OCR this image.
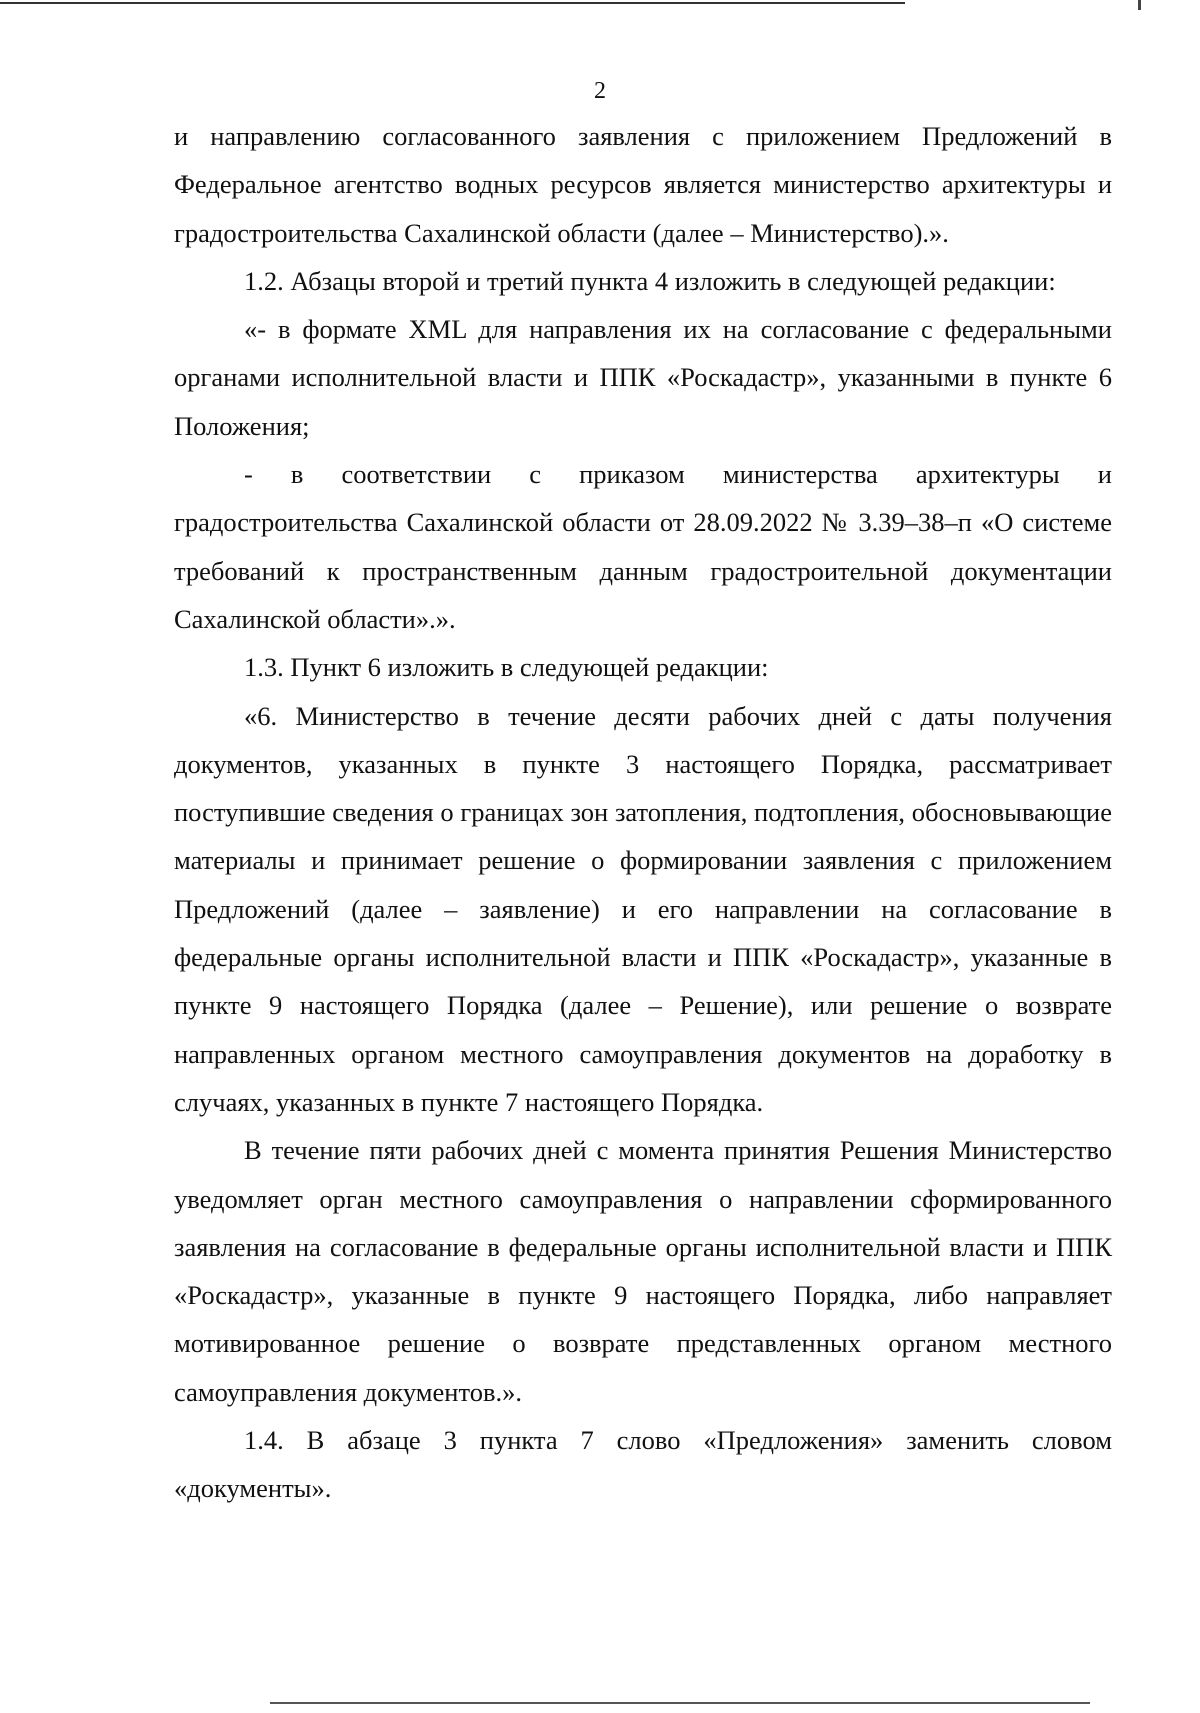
2

и направлению согласованного заявления с приложением Предложений в Федеральное агентство водных ресурсов является министерство архитектуры и градостроительства Сахалинской области (далее – Министерство).».

1.2. Абзацы второй и третий пункта 4 изложить в следующей редакции:

«- в формате XML для направления их на согласование с федеральными органами исполнительной власти и ППК «Роскадастр», указанными в пункте 6 Положения;

- в соответствии с приказом министерства архитектуры и градостроительства Сахалинской области от 28.09.2022 № 3.39–38–п «О системе требований к пространственным данным градостроительной документации Сахалинской области».».

1.3. Пункт 6 изложить в следующей редакции:

«6. Министерство в течение десяти рабочих дней с даты получения документов, указанных в пункте 3 настоящего Порядка, рассматривает поступившие сведения о границах зон затопления, подтопления, обосновывающие материалы и принимает решение о формировании заявления с приложением Предложений (далее – заявление) и его направлении на согласование в федеральные органы исполнительной власти и ППК «Роскадастр», указанные в пункте 9 настоящего Порядка (далее – Решение), или решение о возврате направленных органом местного самоуправления документов на доработку в случаях, указанных в пункте 7 настоящего Порядка.

В течение пяти рабочих дней с момента принятия Решения Министерство уведомляет орган местного самоуправления о направлении сформированного заявления на согласование в федеральные органы исполнительной власти и ППК «Роскадастр», указанные в пункте 9 настоящего Порядка, либо направляет мотивированное решение о возврате представленных органом местного самоуправления документов.».

1.4. В абзаце 3 пункта 7 слово «Предложения» заменить словом «документы».
